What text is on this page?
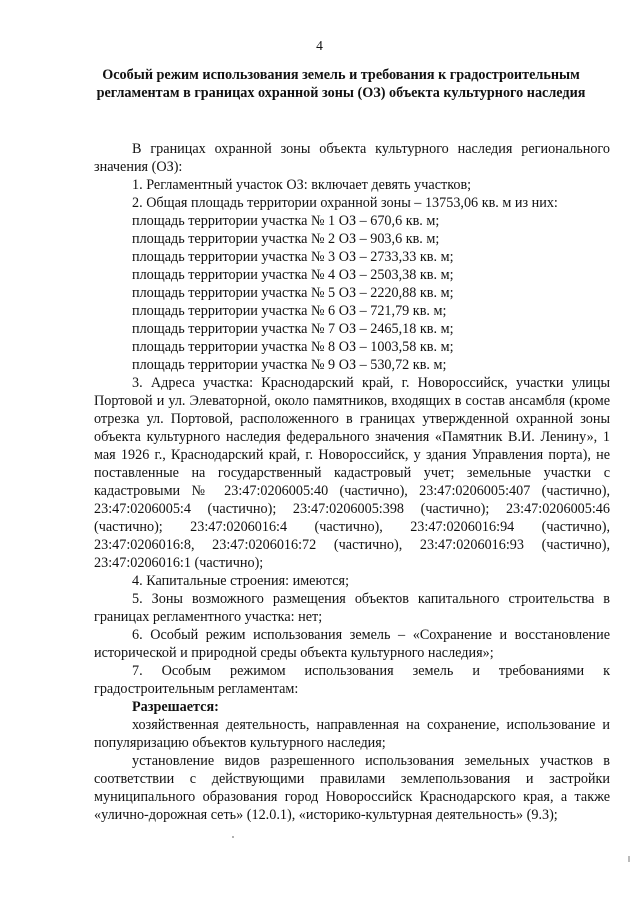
4
Особый режим использования земель и требования к градостроительным регламентам в границах охранной зоны (ОЗ) объекта культурного наследия

В границах охранной зоны объекта культурного наследия регионального значения (ОЗ):

1. Регламентный участок ОЗ: включает девять участков;

2. Общая площадь территории охранной зоны – 13753,06 кв. м из них:

площадь территории участка № 1 ОЗ – 670,6 кв. м;

площадь территории участка № 2 ОЗ – 903,6 кв. м;

площадь территории участка № 3 ОЗ – 2733,33 кв. м;

площадь территории участка № 4 ОЗ – 2503,38 кв. м;

площадь территории участка № 5 ОЗ – 2220,88 кв. м;

площадь территории участка № 6 ОЗ – 721,79 кв. м;

площадь территории участка № 7 ОЗ – 2465,18 кв. м;

площадь территории участка № 8 ОЗ – 1003,58 кв. м;

площадь территории участка № 9 ОЗ – 530,72 кв. м;

3. Адреса участка: Краснодарский край, г. Новороссийск, участки улицы Портовой и ул. Элеваторной, около памятников, входящих в состав ансамбля (кроме отрезка ул. Портовой, расположенного в границах утвержденной охранной зоны объекта культурного наследия федерального значения «Памятник В.И. Ленину», 1 мая 1926 г., Краснодарский край, г. Новороссийск, у здания Управления порта), не поставленные на государственный кадастровый учет; земельные участки с кадастровыми № 23:47:0206005:40 (частично), 23:47:0206005:407 (частично), 23:47:0206005:4 (частично); 23:47:0206005:398 (частично); 23:47:0206005:46 (частично); 23:47:0206016:4 (частично), 23:47:0206016:94 (частично), 23:47:0206016:8, 23:47:0206016:72 (частично), 23:47:0206016:93 (частично), 23:47:0206016:1 (частично);

4. Капитальные строения: имеются;

5. Зоны возможного размещения объектов капитального строительства в границах регламентного участка: нет;

6. Особый режим использования земель – «Сохранение и восстановление исторической и природной среды объекта культурного наследия»;

7. Особым режимом использования земель и требованиями к градостроительным регламентам:

Разрешается:

хозяйственная деятельность, направленная на сохранение, использование и популяризацию объектов культурного наследия;

установление видов разрешенного использования земельных участков в соответствии с действующими правилами землепользования и застройки муниципального образования город Новороссийск Краснодарского края, а также «улично-дорожная сеть» (12.0.1), «историко-культурная деятельность» (9.3);
